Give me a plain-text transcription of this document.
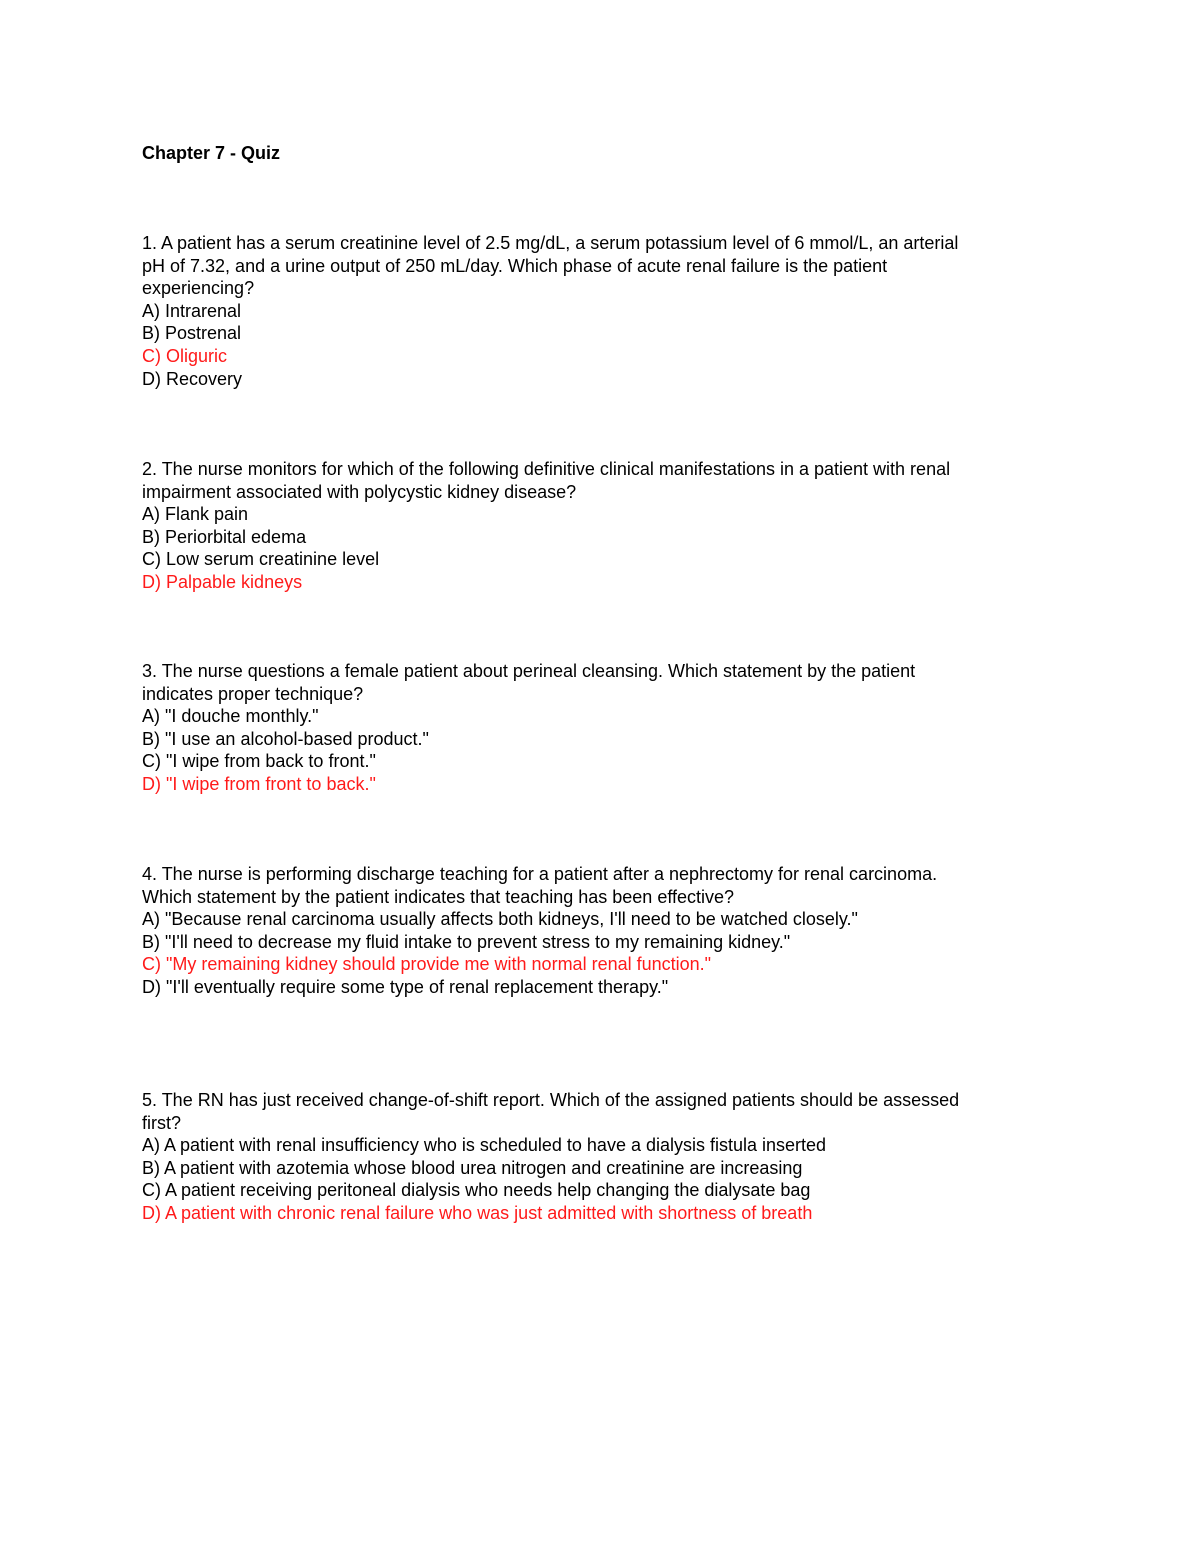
Chapter 7 - Quiz

1. A patient has a serum creatinine level of 2.5 mg/dL, a serum potassium level of 6 mmol/L, an arterial
pH of 7.32, and a urine output of 250 mL/day. Which phase of acute renal failure is the patient
experiencing?

A) Intrarenal

B) Postrenal

C) Oliguric

D) Recovery

2. The nurse monitors for which of the following definitive clinical manifestations in a patient with renal
impairment associated with polycystic kidney disease?

A) Flank pain

B) Periorbital edema

C) Low serum creatinine level

D) Palpable kidneys

3. The nurse questions a female patient about perineal cleansing. Which statement by the patient
indicates proper technique?

A) "I douche monthly."

B) "I use an alcohol-based product."

C) "I wipe from back to front."

D) "I wipe from front to back."

4. The nurse is performing discharge teaching for a patient after a nephrectomy for renal carcinoma.
Which statement by the patient indicates that teaching has been effective?

A) "Because renal carcinoma usually affects both kidneys, I'll need to be watched closely."

B) "I'll need to decrease my fluid intake to prevent stress to my remaining kidney."

C) "My remaining kidney should provide me with normal renal function."

D) "I'll eventually require some type of renal replacement therapy."

5. The RN has just received change-of-shift report. Which of the assigned patients should be assessed
first?

A) A patient with renal insufficiency who is scheduled to have a dialysis fistula inserted

B) A patient with azotemia whose blood urea nitrogen and creatinine are increasing

C) A patient receiving peritoneal dialysis who needs help changing the dialysate bag

D) A patient with chronic renal failure who was just admitted with shortness of breath
